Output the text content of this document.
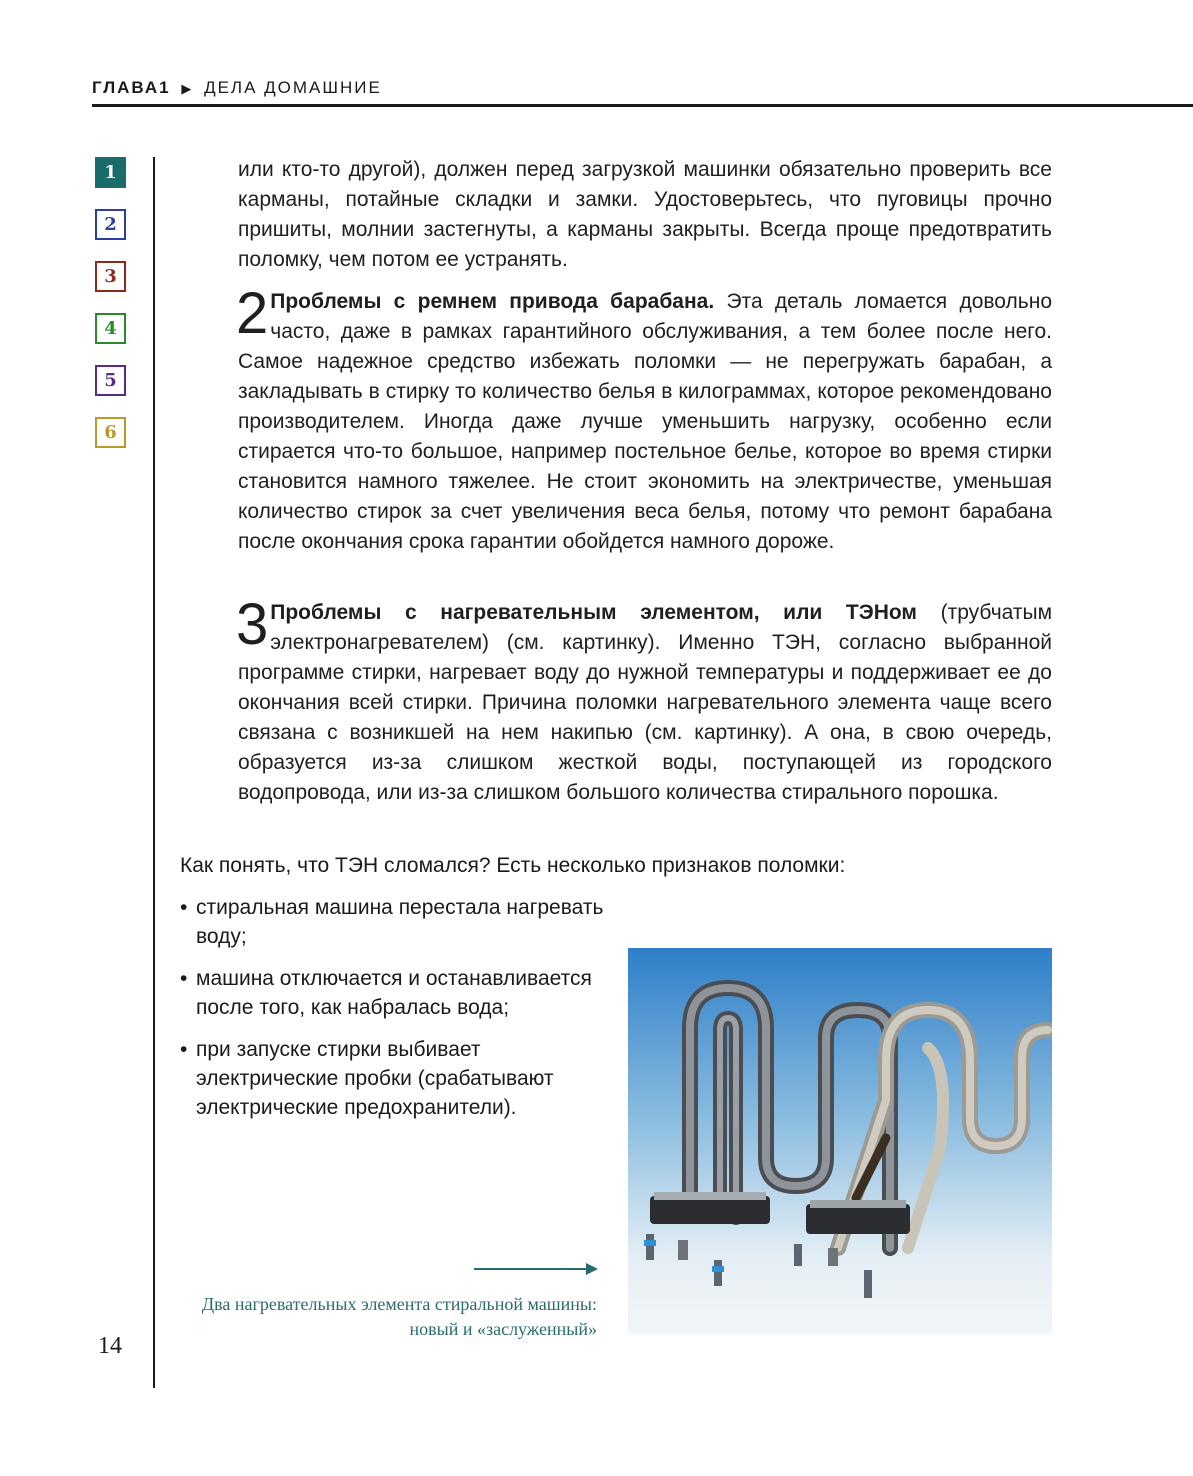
ГЛАВА1 ▶ ДЕЛА ДОМАШНИЕ
1
2
3
4
5
6

или кто-то другой), должен перед загрузкой машинки обязательно проверить все карманы, потайные складки и замки. Удостоверьтесь, что пуговицы прочно пришиты, молнии застегнуты, а карманы закрыты. Всегда проще предотвратить поломку, чем потом ее устранять.

2 Проблемы с ремнем привода барабана. Эта деталь ломается довольно часто, даже в рамках гарантийного обслуживания, а тем более после него. Самое надежное средство избежать поломки — не перегружать барабан, а закладывать в стирку то количество белья в килограммах, которое рекомендовано производителем. Иногда даже лучше уменьшить нагрузку, особенно если стирается что-то большое, например постельное белье, которое во время стирки становится намного тяжелее. Не стоит экономить на электричестве, уменьшая количество стирок за счет увеличения веса белья, потому что ремонт барабана после окончания срока гарантии обойдется намного дороже.

3 Проблемы с нагревательным элементом, или ТЭНом (трубчатым электронагревателем) (см. картинку). Именно ТЭН, согласно выбранной программе стирки, нагревает воду до нужной температуры и поддерживает ее до окончания всей стирки. Причина поломки нагревательного элемента чаще всего связана с возникшей на нем накипью (см. картинку). А она, в свою очередь, образуется из-за слишком жесткой воды, поступающей из городского водопровода, или из-за слишком большого количества стирального порошка.

Как понять, что ТЭН сломался? Есть несколько признаков поломки:
• стиральная машина перестала нагревать воду;
• машина отключается и останавливается после того, как набралась вода;
• при запуске стирки выбивает электрические пробки (срабатывают электрические предохранители).
Два нагревательных элемента стиральной машины: новый и «заслуженный»
14
